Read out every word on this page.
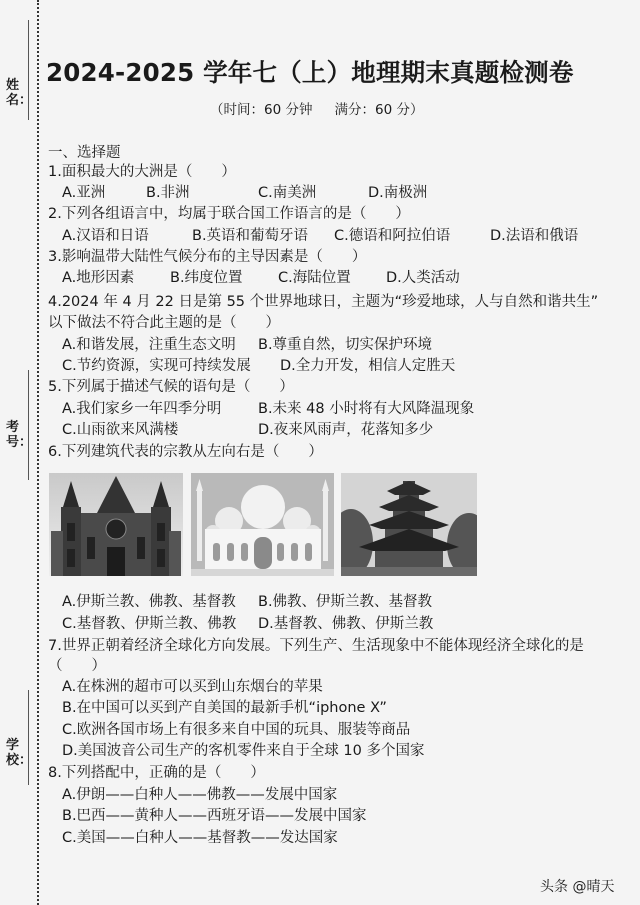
姓名：
考号：
学校：
2024-2025 学年七（上）地理期末真题检测卷
（时间：60 分钟 满分：60 分）
一、选择题
1.面积最大的大洲是（　　）
A.亚洲	B.非洲	C.南美洲	D.南极洲
2.下列各组语言中，均属于联合国工作语言的是（　　）
A.汉语和日语	B.英语和葡萄牙语 C.德语和阿拉伯语	D.法语和俄语
3.影响温带大陆性气候分布的主导因素是（　　）
A.地形因素 B.纬度位置 C.海陆位置 D.人类活动
4.2024 年 4 月 22 日是第 55 个世界地球日，主题为“珍爱地球，人与自然和谐共生”
以下做法不符合此主题的是（　　）
A.和谐发展，注重生态文明 B.尊重自然，切实保护环境
C.节约资源，实现可持续发展 D.全力开发，相信人定胜天
5.下列属于描述气候的语句是（　　）
A.我们家乡一年四季分明	B.未来 48 小时将有大风降温现象
C.山雨欲来风满楼	D.夜来风雨声，花落知多少
6.下列建筑代表的宗教从左向右是（　　）
A.伊斯兰教、佛教、基督教 B.佛教、伊斯兰教、基督教
C.基督教、伊斯兰教、佛教 D.基督教、佛教、伊斯兰教
7.世界正朝着经济全球化方向发展。下列生产、生活现象中不能体现经济全球化的是
（　　）
A.在株洲的超市可以买到山东烟台的苹果
B.在中国可以买到产自美国的最新手机“iphone X”
C.欧洲各国市场上有很多来自中国的玩具、服装等商品
D.美国波音公司生产的客机零件来自于全球 10 多个国家
8.下列搭配中，正确的是（　　）
A.伊朗——白种人——佛教——发展中国家
B.巴西——黄种人——西班牙语——发展中国家
C.美国——白种人——基督教——发达国家
头条 @晴天
